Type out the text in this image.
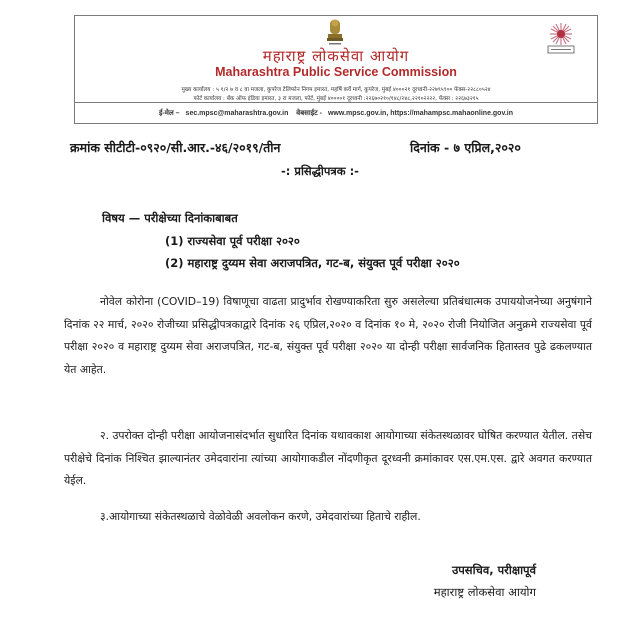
महाराष्ट्र लोकसेवा आयोग
Maharashtra Public Service Commission
मुख्य कार्यालय : ५ १/२ ७ व ८ वा मजला, कुपरेज टेलिफोन निगम इमारत, महर्षि कर्वे मार्ग, कुपरेज, मुंबई ४०००२१ दूरध्वनी-२२७९५९०० फॅक्स-२२८८०५२४
फोर्ट कार्यालय : बँक ऑफ इंडिया इमारत, ३ रा मजला, फोर्ट, मुंबई ४००००१ दूरध्वनी :२२६७०२१०/१४८/२४८,२२१०२२२२, फॅक्स : २२६७३२१५
ई-मेल – sec.mpsc@maharashtra.gov.in वेबसाईट - www.mpsc.gov.in, https://mahampsc.mahaonline.gov.in
क्रमांक सीटीटी-०९२०/सी.आर.-४६/२०१९/तीन	दिनांक - ७ एप्रिल,२०२०
-: प्रसिद्धीपत्रक :-
विषय — परीक्षेच्या दिनांकाबाबत
(1) राज्यसेवा पूर्व परीक्षा २०२०
(2) महाराष्ट्र दुय्यम सेवा अराजपत्रित, गट-ब, संयुक्त पूर्व परीक्षा २०२०
नोवेल कोरोना (COVID–19) विषाणूचा वाढता प्रादुर्भाव रोखण्याकरिता सुरु असलेल्या प्रतिबंधात्मक उपाययोजनेच्या अनुषंगाने दिनांक २२ मार्च, २०२० रोजीच्या प्रसिद्धीपत्रकाद्वारे दिनांक २६ एप्रिल,२०२० व दिनांक १० मे, २०२० रोजी नियोजित अनुक्रमे राज्यसेवा पूर्व परीक्षा २०२० व महाराष्ट्र दुय्यम सेवा अराजपत्रित, गट-ब, संयुक्त पूर्व परीक्षा २०२० या दोन्ही परीक्षा सार्वजनिक हितास्तव पुढे ढकलण्यात येत आहेत.
२. उपरोक्त दोन्ही परीक्षा आयोजनासंदर्भात सुधारित दिनांक यथावकाश आयोगाच्या संकेतस्थळावर घोषित करण्यात येतील. तसेच परीक्षेचे दिनांक निश्चित झाल्यानंतर उमेदवारांना त्यांच्या आयोगाकडील नोंदणीकृत दूरध्वनी क्रमांकावर एस.एम.एस. द्वारे अवगत करण्यात येईल.
३.आयोगाच्या संकेतस्थळाचे वेळोवेळी अवलोकन करणे, उमेदवारांच्या हिताचे राहील.
उपसचिव, परीक्षापूर्व
महाराष्ट्र लोकसेवा आयोग
